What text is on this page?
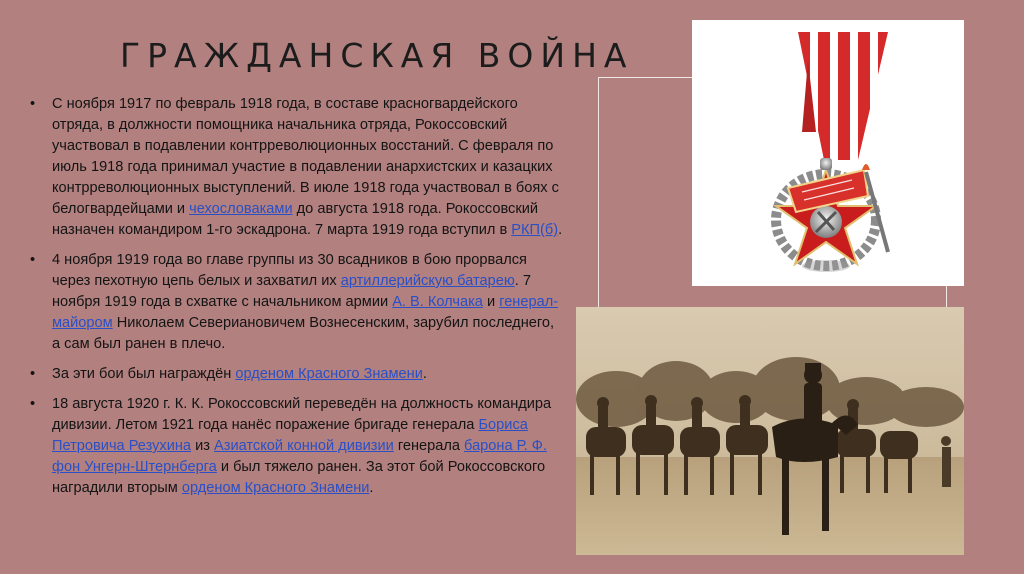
ГРАЖДАНСКАЯ ВОЙНА
• С ноября 1917 по февраль 1918 года, в составе красногвардейского отряда, в должности помощника начальника отряда, Рокоссовский участвовал в подавлении контрреволюционных восстаний. С февраля по июль 1918 года принимал участие в подавлении анархистских и казацких контрреволюционных выступлений. В июле 1918 года участвовал в боях с белогвардейцами и чехословаками до августа 1918 года. Рокоссовский назначен командиром 1-го эскадрона. 7 марта 1919 года вступил в РКП(б).
• 4 ноября 1919 года во главе группы из 30 всадников в бою прорвался через пехотную цепь белых и захватил их артиллерийскую батарею. 7 ноября 1919 года в схватке с начальником армии А. В. Колчака и генерал-майором Николаем Севериановичем Вознесенским, зарубил последнего, а сам был ранен в плечо.
• За эти бои был награждён орденом Красного Знамени.
• 18 августа 1920 г. К. К. Рокоссовский переведён на должность командира дивизии. Летом 1921 года нанёс поражение бригаде генерала Бориса Петровича Резухина из Азиатской конной дивизии генерала барона Р. Ф. фон Унгерн-Штернберга и был тяжело ранен. За этот бой Рокоссовского наградили вторым орденом Красного Знамени.
